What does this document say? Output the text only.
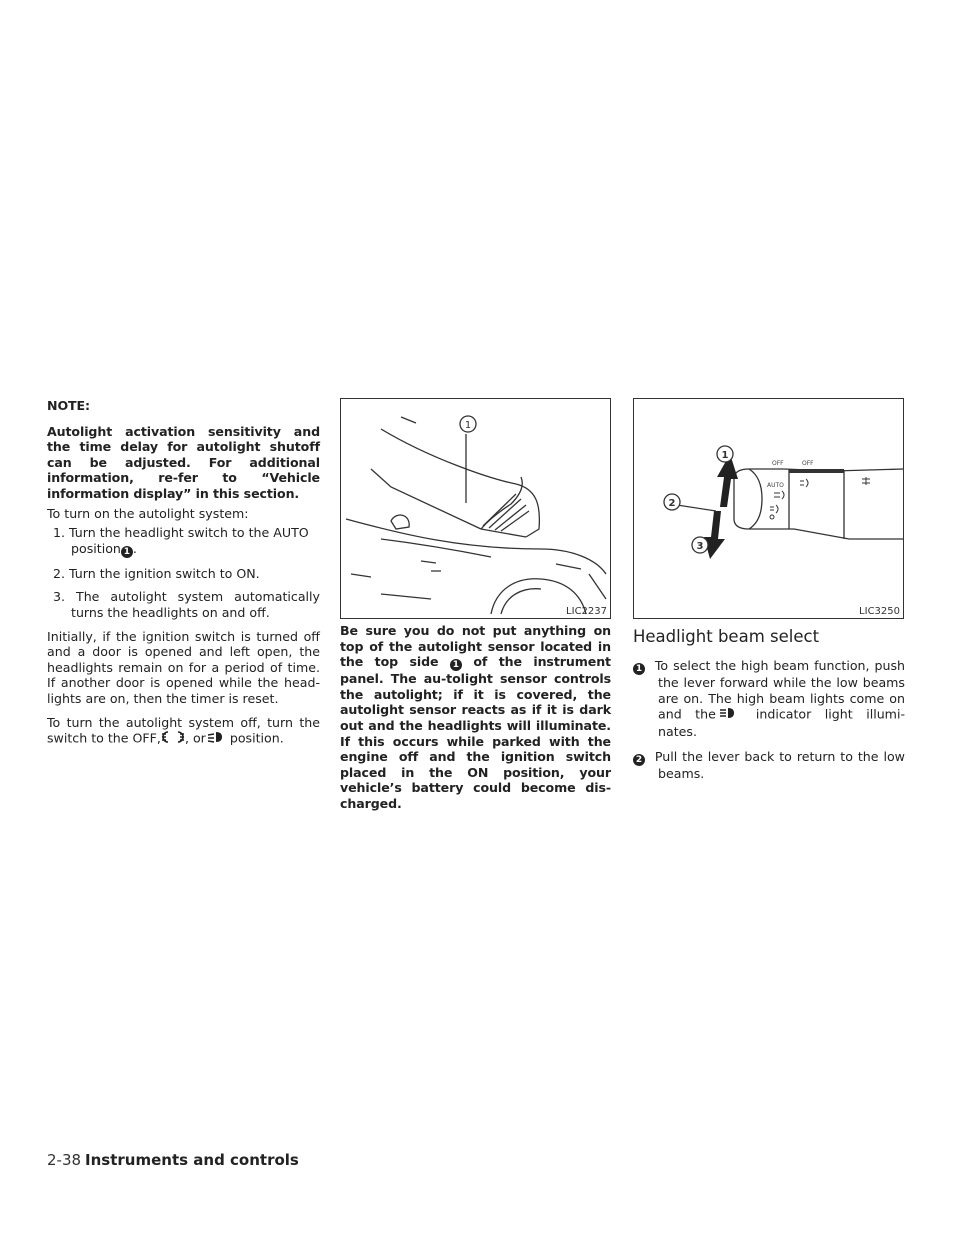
NOTE:

Autolight activation sensitivity and the time delay for autolight shutoff can be adjusted. For additional information, re-fer to “Vehicle information display” in this section.

To turn on the autolight system:

1. Turn the headlight switch to the AUTO position 1 .

2. Turn the ignition switch to ON.

3. The autolight system automatically turns the headlights on and off.

Initially, if the ignition switch is turned off and a door is opened and left open, the headlights remain on for a period of time. If another door is opened while the head-lights are on, then the timer is reset.

To turn the autolight system off, turn the switch to the OFF, , or position.

1
LIC2237

Be sure you do not put anything on top of the autolight sensor located in the top side 1 of the instrument panel. The au-tolight sensor controls the autolight; if it is covered, the autolight sensor reacts as if it is dark out and the headlights will illuminate. If this occurs while parked with the engine off and the ignition switch placed in the ON position, your vehicle’s battery could become dis-charged.

OFF	OFF
AUTO
1
2
3
LIC3250
Headlight beam select

1 To select the high beam function, push the lever forward while the low beams are on. The high beam lights come on and the	indicator light illumi-nates.

2 Pull the lever back to return to the low beams.

2-38 Instruments and controls
